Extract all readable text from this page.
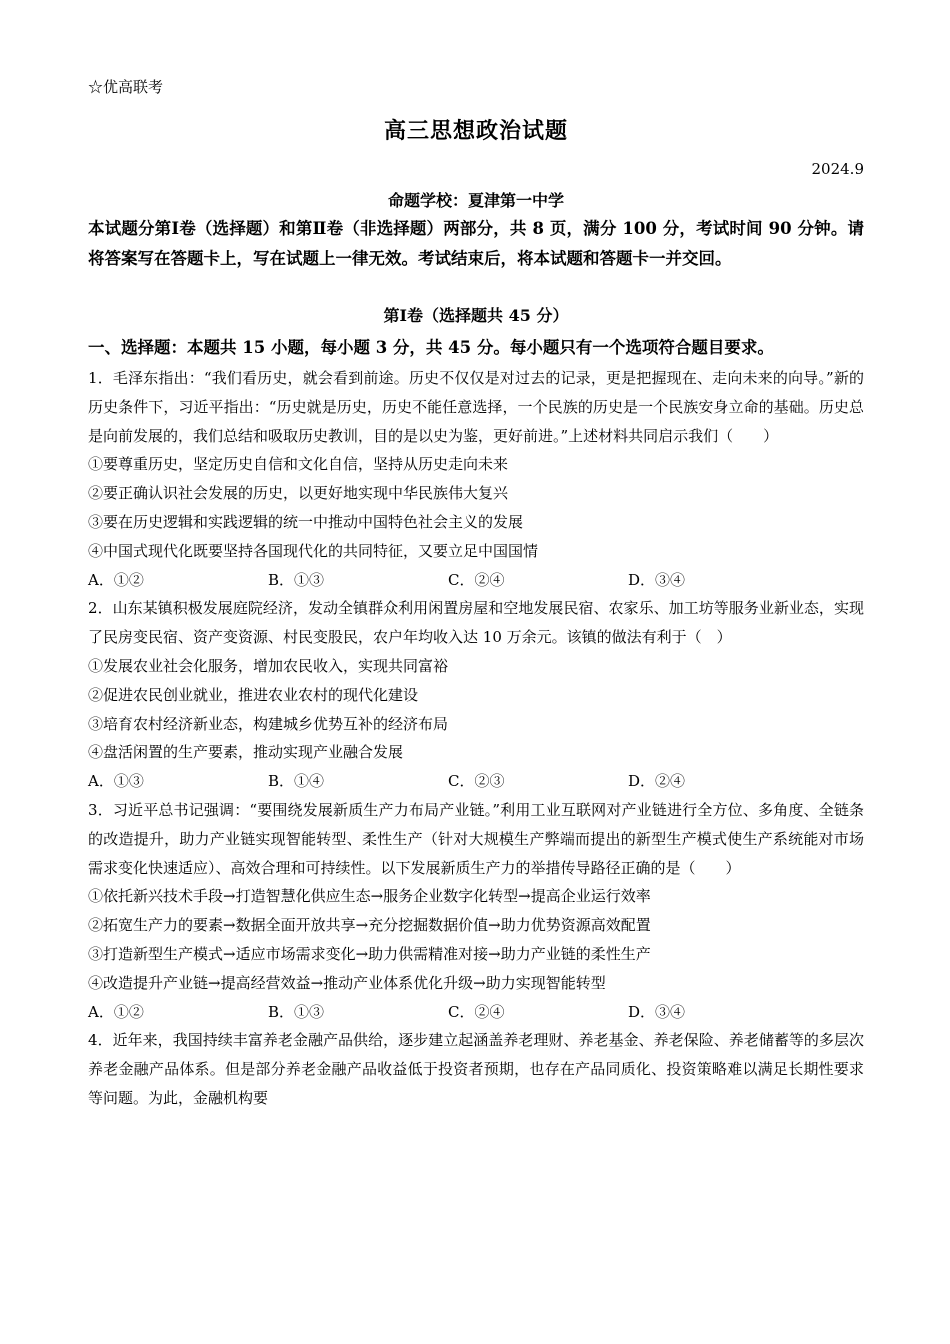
☆优高联考
高三思想政治试题
2024.9
命题学校：夏津第一中学
本试题分第Ⅰ卷（选择题）和第Ⅱ卷（非选择题）两部分，共 8 页，满分 100 分，考试时间 90 分钟。请将答案写在答题卡上，写在试题上一律无效。考试结束后，将本试题和答题卡一并交回。
第Ⅰ卷（选择题共 45 分）
一、选择题：本题共 15 小题，每小题 3 分，共 45 分。每小题只有一个选项符合题目要求。

1．毛泽东指出：“我们看历史，就会看到前途。历史不仅仅是对过去的记录，更是把握现在、走向未来的向导。”新的历史条件下，习近平指出：“历史就是历史，历史不能任意选择，一个民族的历史是一个民族安身立命的基础。历史总是向前发展的，我们总结和吸取历史教训，目的是以史为鉴，更好前进。”上述材料共同启示我们（　　）

①要尊重历史，坚定历史自信和文化自信，坚持从历史走向未来

②要正确认识社会发展的历史，以更好地实现中华民族伟大复兴

③要在历史逻辑和实践逻辑的统一中推动中国特色社会主义的发展

④中国式现代化既要坚持各国现代化的共同特征，又要立足中国国情

A．①②	B．①③	C．②④	D．③④

2．山东某镇积极发展庭院经济，发动全镇群众利用闲置房屋和空地发展民宿、农家乐、加工坊等服务业新业态，实现了民房变民宿、资产变资源、村民变股民，农户年均收入达 10 万余元。该镇的做法有利于（　）

①发展农业社会化服务，增加农民收入，实现共同富裕

②促进农民创业就业，推进农业农村的现代化建设

③培育农村经济新业态，构建城乡优势互补的经济布局

④盘活闲置的生产要素，推动实现产业融合发展

A．①③	B．①④	C．②③	D．②④

3．习近平总书记强调：“要围绕发展新质生产力布局产业链。”利用工业互联网对产业链进行全方位、多角度、全链条的改造提升，助力产业链实现智能转型、柔性生产（针对大规模生产弊端而提出的新型生产模式使生产系统能对市场需求变化快速适应）、高效合理和可持续性。以下发展新质生产力的举措传导路径正确的是（　　）

①依托新兴技术手段→打造智慧化供应生态→服务企业数字化转型→提高企业运行效率

②拓宽生产力的要素→数据全面开放共享→充分挖掘数据价值→助力优势资源高效配置

③打造新型生产模式→适应市场需求变化→助力供需精准对接→助力产业链的柔性生产

④改造提升产业链→提高经营效益→推动产业体系优化升级→助力实现智能转型

A．①②	B．①③	C．②④	D．③④

4．近年来，我国持续丰富养老金融产品供给，逐步建立起涵盖养老理财、养老基金、养老保险、养老储蓄等的多层次养老金融产品体系。但是部分养老金融产品收益低于投资者预期，也存在产品同质化、投资策略难以满足长期性要求等问题。为此，金融机构要
